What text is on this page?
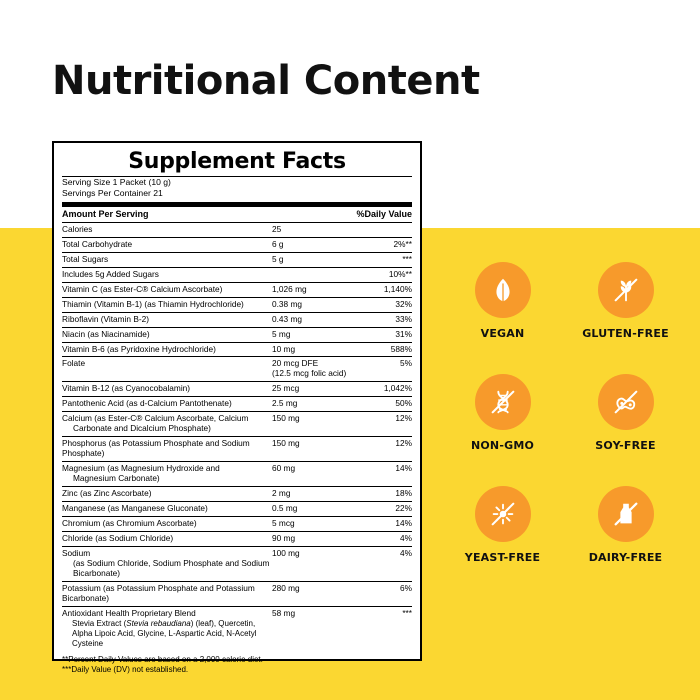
Nutritional Content
Supplement Facts
Serving Size 1 Packet (10 g)
Servings Per Container 21
Amount Per Serving		%Daily Value
Calories	25	
Total Carbohydrate	6 g	2%**
Total Sugars	5 g	***
Includes 5g Added Sugars		10%**
Vitamin C (as Ester-C® Calcium Ascorbate)	1,026 mg	1,140%
Thiamin (Vitamin B-1) (as Thiamin Hydrochloride)	0.38 mg	32%
Riboflavin (Vitamin B-2)	0.43 mg	33%
Niacin (as Niacinamide)	5 mg	31%
Vitamin B-6 (as Pyridoxine Hydrochloride)	10 mg	588%
Folate	20 mcg DFE
(12.5 mcg folic acid)	5%
Vitamin B-12 (as Cyanocobalamin)	25 mcg	1,042%
Pantothenic Acid (as d-Calcium Pantothenate)	2.5 mg	50%
Calcium (as Ester-C® Calcium Ascorbate, Calcium
Carbonate and Dicalcium Phosphate)	150 mg	12%
Phosphorus (as Potassium Phosphate and Sodium Phosphate)	150 mg	12%
Magnesium (as Magnesium Hydroxide and
Magnesium Carbonate)	60 mg	14%
Zinc (as Zinc Ascorbate)	2 mg	18%
Manganese (as Manganese Gluconate)	0.5 mg	22%
Chromium (as Chromium Ascorbate)	5 mcg	14%
Chloride (as Sodium Chloride)	90 mg	4%
Sodium
(as Sodium Chloride, Sodium Phosphate and Sodium Bicarbonate)	100 mg	4%
Potassium (as Potassium Phosphate and Potassium Bicarbonate)	280 mg	6%

Antioxidant Health Proprietary Blend
Stevia Extract (Stevia rebaudiana) (leaf), Quercetin, Alpha Lipoic Acid, Glycine, L-Aspartic Acid, N-Acetyl Cysteine	58 mg	***
**Percent Daily Values are based on a 2,000 calorie diet.
***Daily Value (DV) not established.
VEGAN	GLUTEN-FREE
NON-GMO	SOY-FREE
YEAST-FREE	DAIRY-FREE
